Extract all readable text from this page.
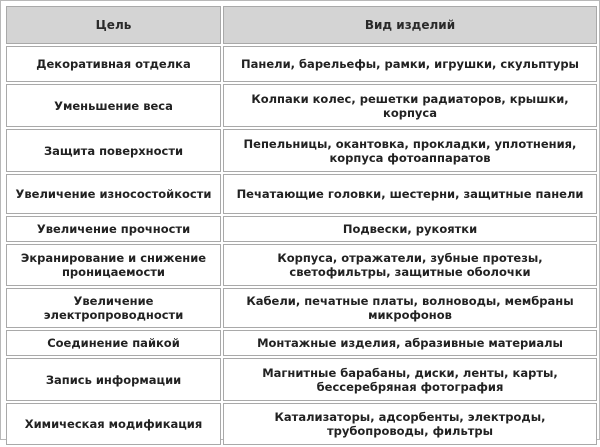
Цель	Вид изделий
Декоративная отделка	Панели, барельефы, рамки, игрушки, скульптуры
Уменьшение веса	Колпаки колес, решетки радиаторов, крышки, корпуса
Защита поверхности	Пепельницы, окантовка, прокладки, уплотнения, корпуса фотоаппаратов
Увеличение износостойкости	Печатающие головки, шестерни, защитные панели
Увеличение прочности	Подвески, рукоятки
Экранирование и снижение проницаемости	Корпуса, отражатели, зубные протезы, светофильтры, защитные оболочки
Увеличение электропроводности	Кабели, печатные платы, волноводы, мембраны микрофонов
Соединение пайкой	Монтажные изделия, абразивные материалы
Запись информации	Магнитные барабаны, диски, ленты, карты, бессеребряная фотография
Химическая модификация	Катализаторы, адсорбенты, электроды, трубопроводы, фильтры
